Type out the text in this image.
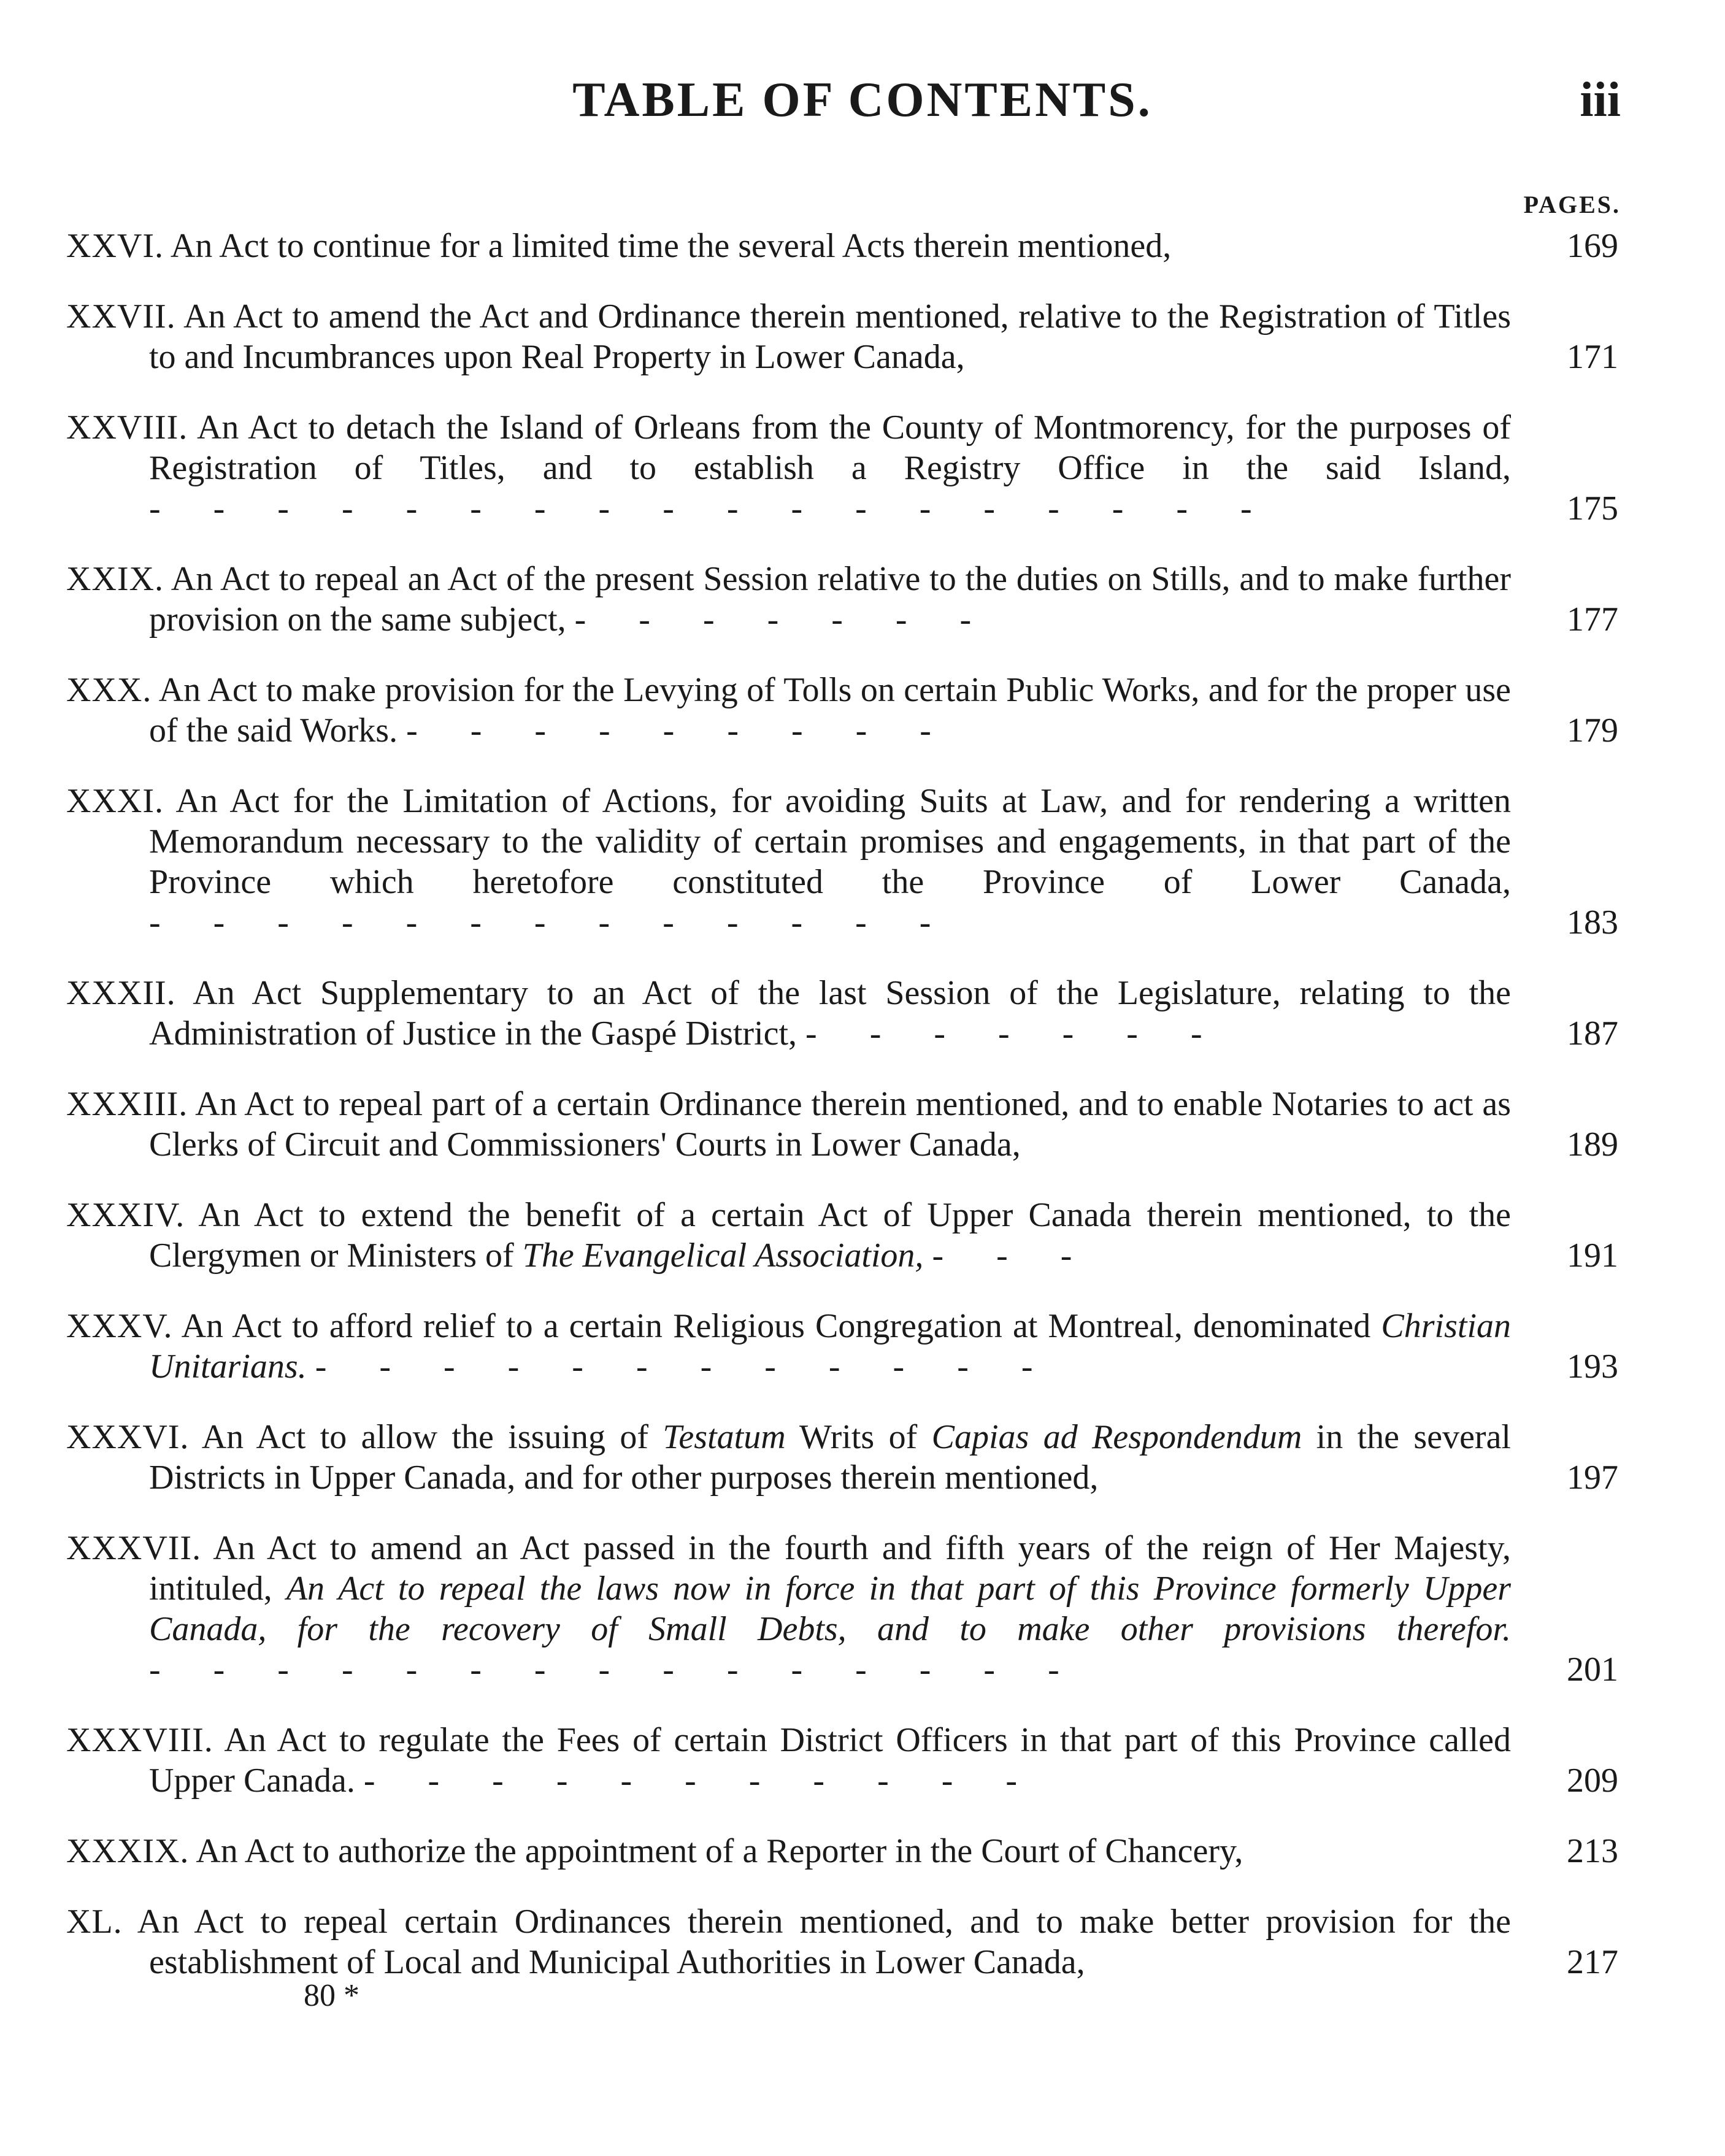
TABLE OF CONTENTS.	iii
PAGES.
XXVI. An Act to continue for a limited time the several Acts therein mentioned,	169
XXVII. An Act to amend the Act and Ordinance therein mentioned, relative to the Registration of Titles to and Incumbrances upon Real Property in Lower Canada,	171
XXVIII. An Act to detach the Island of Orleans from the County of Montmorency, for the purposes of Registration of Titles, and to establish a Registry Office in the said Island, - - - - - - - - - - - - - - - - - -	175
XXIX. An Act to repeal an Act of the present Session relative to the duties on Stills, and to make further provision on the same subject, - - - - - - -	177
XXX. An Act to make provision for the Levying of Tolls on certain Public Works, and for the proper use of the said Works. - - - - - - - - -	179
XXXI. An Act for the Limitation of Actions, for avoiding Suits at Law, and for rendering a written Memorandum necessary to the validity of certain promises and engagements, in that part of the Province which heretofore constituted the Province of Lower Canada, - - - - - - - - - - - - -	183
XXXII. An Act Supplementary to an Act of the last Session of the Legislature, relating to the Administration of Justice in the Gaspé District, - - - - - - -	187
XXXIII. An Act to repeal part of a certain Ordinance therein mentioned, and to enable Notaries to act as Clerks of Circuit and Commissioners' Courts in Lower Canada,	189
XXXIV. An Act to extend the benefit of a certain Act of Upper Canada therein mentioned, to the Clergymen or Ministers of The Evangelical Association, - - -	191
XXXV. An Act to afford relief to a certain Religious Congregation at Montreal, denominated Christian Unitarians. - - - - - - - - - - - -	193
XXXVI. An Act to allow the issuing of Testatum Writs of Capias ad Respondendum in the several Districts in Upper Canada, and for other purposes therein mentioned,	197
XXXVII. An Act to amend an Act passed in the fourth and fifth years of the reign of Her Majesty, intituled, An Act to repeal the laws now in force in that part of this Province formerly Upper Canada, for the recovery of Small Debts, and to make other provisions therefor. - - - - - - - - - - - - - - -	201
XXXVIII. An Act to regulate the Fees of certain District Officers in that part of this Province called Upper Canada. - - - - - - - - - - -	209
XXXIX. An Act to authorize the appointment of a Reporter in the Court of Chancery,	213
XL. An Act to repeal certain Ordinances therein mentioned, and to make better provision for the establishment of Local and Municipal Authorities in Lower Canada,	217
80 *
